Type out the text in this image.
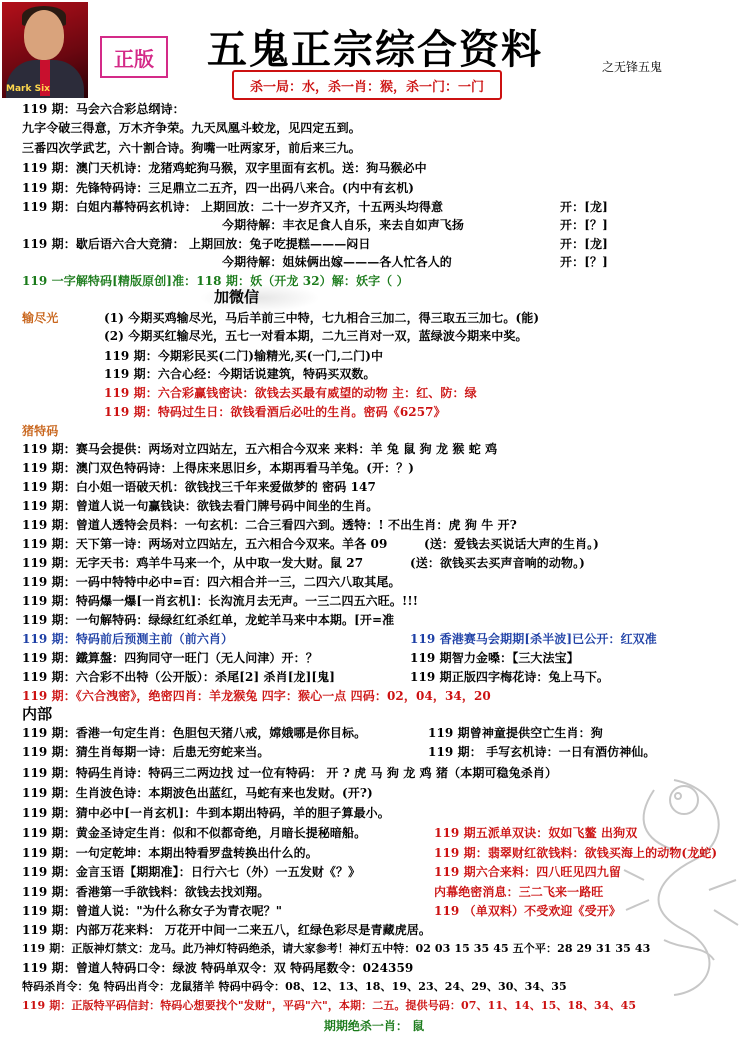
Mark Six
正版	五鬼正宗综合资料
杀一局：水，杀一肖：猴，杀一门：一门
之无锋五鬼
加微信
119 期：马会六合彩总纲诗：
九字令破三得意，万木齐争荣。九天凤凰斗蛟龙，见四定五到。
三番四次学武艺，六十割合诗。狗嘴一吐两家牙，前后来三九。
119 期：澳门天机诗：龙猪鸡蛇狗马猴，双字里面有玄机。送：狗马猴必中
119 期：先锋特码诗：三足鼎立二五齐，四一出码八来合。(内中有玄机)
119 期：白姐内幕特码玄机诗： 上期回放：二十一岁齐又齐，十五两头均得意	开：[龙]
今期待解：丰衣足食人自乐，来去自如声飞扬	开：[？]
119 期：歇后语六合大竞猜： 上期回放：兔子吃提糕———闷日	开：[龙]
今期待解：姐妹俩出嫁———各人忙各人的	开：[？]
119 一字解特码[精版原创]准：118 期：妖（开龙 32）解：妖字（ ）
输尽光	(1) 今期买鸡输尽光，马后羊前三中特，七九相合三加二，得三取五三加七。(能)
(2) 今期买红输尽光，五七一对看本期，二九三肖对一双，蓝绿波今期来中奖。
119 期：今期彩民买(二门)输精光,买(一门,二门)中
119 期：六合心经：今期话说建筑，特码买双数。
119 期：六合彩赢钱密诀：欲钱去买最有威望的动物 主：红、防：绿
119 期：特码过生日：欲钱看酒后必吐的生肖。密码《6257》
猪特码
119 期：赛马会提供：两场对立四站左，五六相合今双来 来料：羊 兔 鼠 狗 龙 猴 蛇 鸡
119 期：澳门双色特码诗：上得床来思旧乡，本期再看马羊兔。(开：？)
119 期：白小姐一语破天机：欲钱找三千年来爱做梦的 密码 147
119 期：曾道人说一句赢钱诀：欲钱去看门牌号码中间坐的生肖。
119 期：曾道人透特会员料：一句玄机：二合三看四六到。透特：! 不出生肖：虎 狗 牛 开?
119 期：天下第一诗：两场对立四站左，五六相合今双来。羊各 09	(送：爱钱去买说话大声的生肖。)
119 期：无字天书：鸡羊牛马来一个，从中取一发大财。鼠 27	(送：欲钱买去买声音响的动物。)
119 期：一码中特特中必中=百：四六相合并一三，二四六八取其尾。
119 期：特码爆一爆[一肖玄机]：长沟流月去无声。一三二四五六旺。!!!
119 期：一句解特码：绿绿红红杀红单，龙蛇羊马来中本期。[开=准
119 期：特码前后预测主前（前六肖）	119 香港赛马会期期[杀半波]已公开：红双准
119 期：鐵算盤：四狗同守一旺门（无人问津）开：？	119 期智力金嗓：【三大法宝】
119 期：六合彩不出特（公开版）：杀尾[2] 杀肖[龙][鬼]	119 期正版四字梅花诗：兔上马下。
119 期：《六合洩密》，绝密四肖：羊龙猴兔 四字：猴心一点 四码：02，04，34，20
内部
119 期：香港一句定生肖：色胆包天猪八戒，嫦娥哪是你目标。	119 期曾神童提供空亡生肖：狗
119 期：猜生肖每期一诗：后患无穷蛇来当。	119 期： 手写玄机诗：一日有酒仿神仙。
119 期：特码生肖诗：特码三二两边找 过一位有特码： 开 ? 虎 马 狗 龙 鸡 猪（本期可稳兔杀肖）
119 期：生肖波色诗：本期波色出蓝红，马蛇有来也发财。(开?)
119 期：猜中必中[一肖玄机]：牛到本期出特码，羊的胆子算最小。
119 期：黄金圣诗定生肖：似和不似都奇绝，月暗长提秘暗船。	119 期五派单双诀：奴如飞鳌 出狗双
119 期：一句定乾坤：本期出特看罗盘转换出什么的。	119 期：翡翠财红欲钱料：欲钱买海上的动物(龙蛇)
119 期：金言玉语【期期准】：日行六七（外）一五发财《？》	119 期六合来料：四八旺见四九留
119 期：香港第一手欲钱料：欲钱去找刘翔。	内幕绝密消息：三二飞来一路旺
119 期：曾道人说："为什么称女子为青衣呢？"	119 （单双料）不受欢迎《受开》
119 期：内部万花来料： 万花开中间一二来五八，红绿色彩尽是青藏虎居。
119 期：正版神灯禁文：龙马。此乃神灯特码绝杀，请大家参考！神灯五中特：02 03 15 35 45 五个平：28 29 31 35 43
119 期：曾道人特码口令：绿波 特码单双令：双 特码尾数令：024359
特码杀肖令：兔 特码出肖令：龙鼠猪羊 特码中码令：08、12、13、18、19、23、24、29、30、34、35
119 期：正版特平码信封：特码心想要找个"发财"，平码"六"，本期：二五。提供号码：07、11、14、15、18、34、45
期期绝杀一肖： 鼠
